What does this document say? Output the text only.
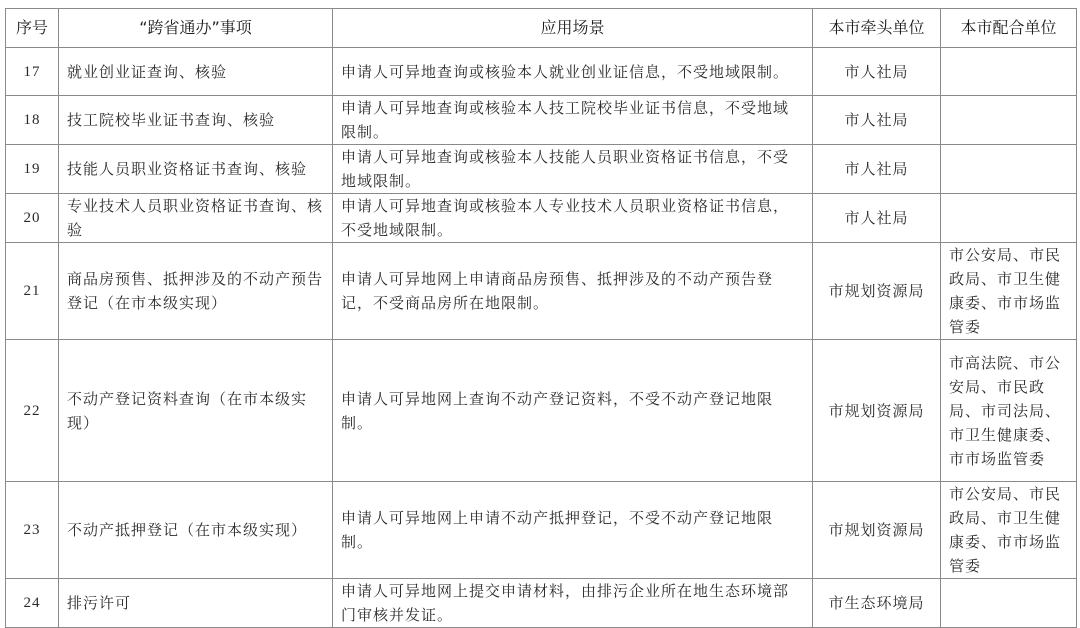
序号	“跨省通办”事项	应用场景	本市牵头单位	本市配合单位
17	就业创业证查询、核验	申请人可异地查询或核验本人就业创业证信息，不受地域限制。	市人社局	
18	技工院校毕业证书查询、核验	申请人可异地查询或核验本人技工院校毕业证书信息，不受地域限制。	市人社局	
19	技能人员职业资格证书查询、核验	申请人可异地查询或核验本人技能人员职业资格证书信息，不受地域限制。	市人社局	
20	专业技术人员职业资格证书查询、核验	申请人可异地查询或核验本人专业技术人员职业资格证书信息，不受地域限制。	市人社局	
21	商品房预售、抵押涉及的不动产预告登记（在市本级实现）	申请人可异地网上申请商品房预售、抵押涉及的不动产预告登记，不受商品房所在地限制。	市规划资源局	市公安局、市民政局、市卫生健康委、市市场监管委
22	不动产登记资料查询（在市本级实现）	申请人可异地网上查询不动产登记资料，不受不动产登记地限制。	市规划资源局	市高法院、市公安局、市民政局、市司法局、市卫生健康委、市市场监管委
23	不动产抵押登记（在市本级实现）	申请人可异地网上申请不动产抵押登记，不受不动产登记地限制。	市规划资源局	市公安局、市民政局、市卫生健康委、市市场监管委
24	排污许可	申请人可异地网上提交申请材料，由排污企业所在地生态环境部门审核并发证。	市生态环境局	
